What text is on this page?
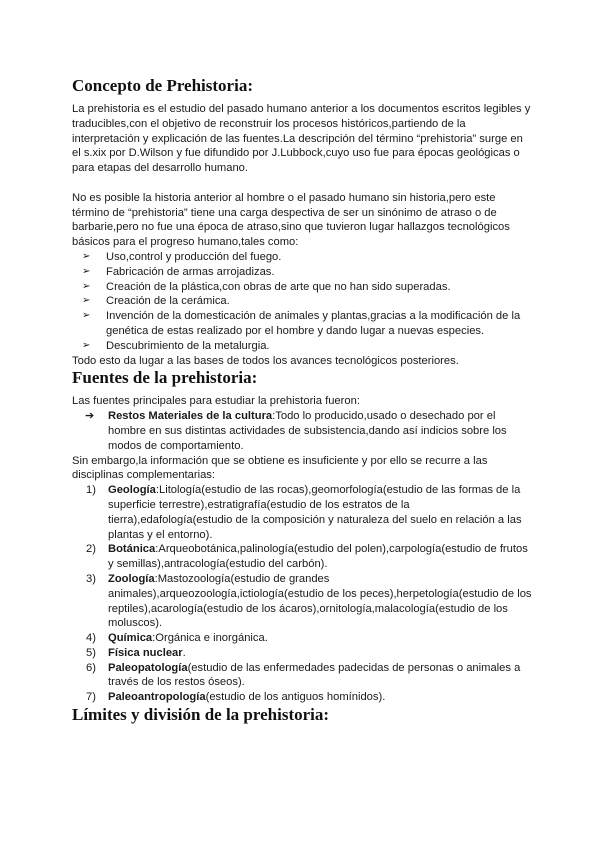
Concepto de Prehistoria:

La prehistoria es el estudio del pasado humano anterior a los documentos escritos legibles y traducibles,con el objetivo de reconstruir los procesos históricos,partiendo de la interpretación y explicación de las fuentes.La descripción del término “prehistoria” surge en el s.xix por D.Wilson y fue difundido por J.Lubbock,cuyo uso fue para épocas geológicas o para etapas del desarrollo humano.

No es posible la historia anterior al hombre o el pasado humano sin historia,pero este término de “prehistoria” tiene una carga despectiva de ser un sinónimo de atraso o de barbarie,pero no fue una época de atraso,sino que tuvieron lugar hallazgos tecnológicos básicos para el progreso humano,tales como:

➢ Uso,control y producción del fuego.
➢ Fabricación de armas arrojadizas.
➢ Creación de la plástica,con obras de arte que no han sido superadas.
➢ Creación de la cerámica.
➢ Invención de la domesticación de animales y plantas,gracias a la modificación de la genética de estas realizado por el hombre y dando lugar a nuevas especies.
➢ Descubrimiento de la metalurgia.

Todo esto da lugar a las bases de todos los avances tecnológicos posteriores.

Fuentes de la prehistoria:

Las fuentes principales para estudiar la prehistoria fueron:

➔ Restos Materiales de la cultura:Todo lo producido,usado o desechado por el hombre en sus distintas actividades de subsistencia,dando así indicios sobre los modos de comportamiento.

Sin embargo,la información que se obtiene es insuficiente y por ello se recurre a las disciplinas complementarias:

1) Geología:Litología(estudio de las rocas),geomorfología(estudio de las formas de la superficie terrestre),estratigrafía(estudio de los estratos de la tierra),edafología(estudio de la composición y naturaleza del suelo en relación a las plantas y el entorno).
2) Botánica:Arqueobotánica,palinología(estudio del polen),carpología(estudio de frutos y semillas),antracología(estudio del carbón).
3) Zoología:Mastozoología(estudio de grandes animales),arqueozoología,ictiología(estudio de los peces),herpetología(estudio de los reptiles),acarología(estudio de los ácaros),ornitología,malacología(estudio de los moluscos).
4) Química:Orgánica e inorgánica.
5) Física nuclear.
6) Paleopatología(estudio de las enfermedades padecidas de personas o animales a través de los restos óseos).
7) Paleoantropología(estudio de los antiguos homínidos).
Límites y división de la prehistoria:
